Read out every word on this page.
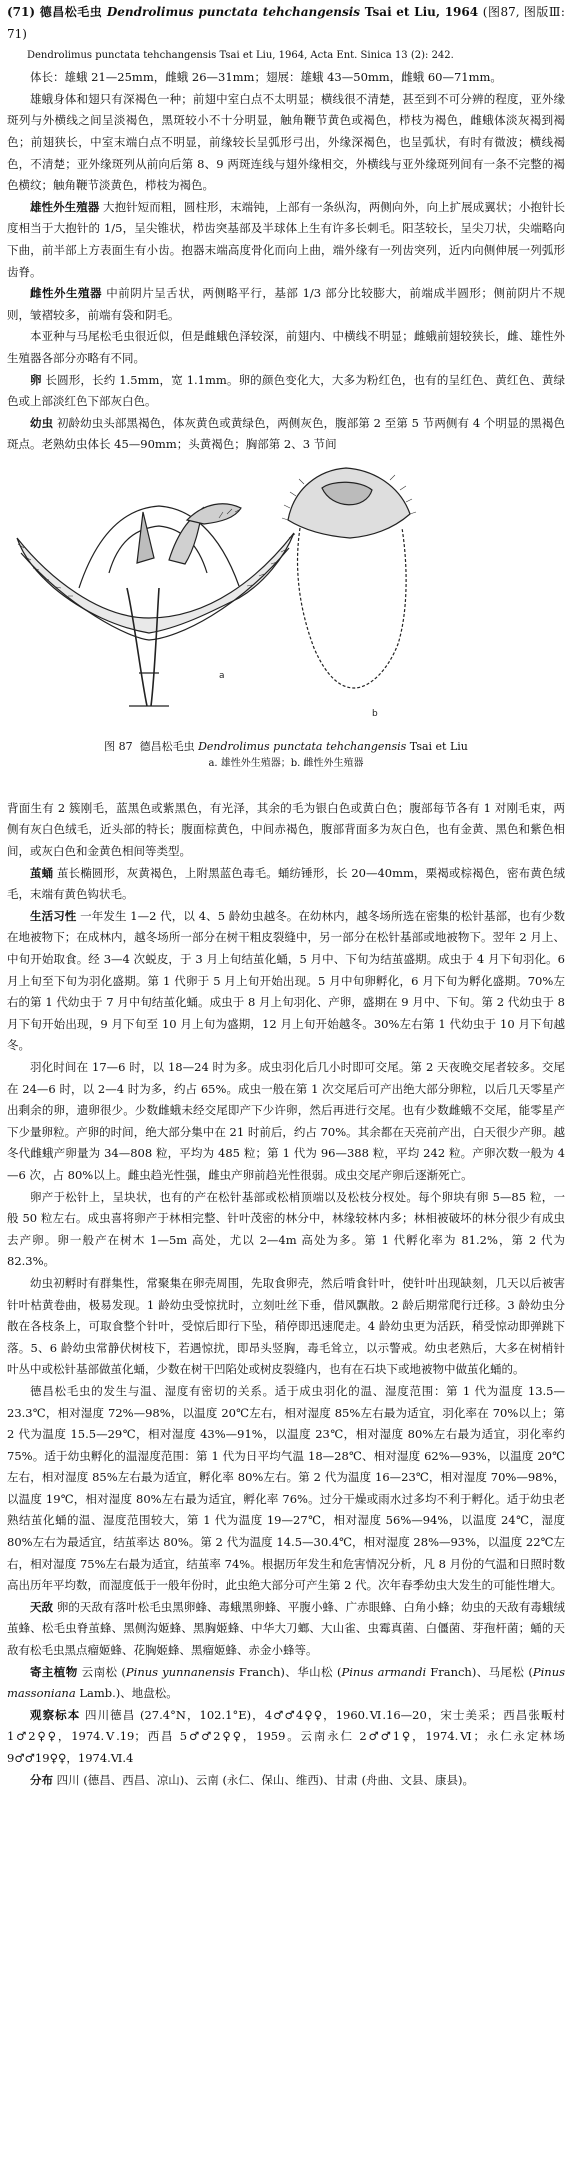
(71) 德昌松毛虫 Dendrolimus punctata tehchangensis Tsai et Liu, 1964 (图87, 图版Ⅲ: 71)
Dendrolimus punctata tehchangensis Tsai et Liu, 1964, Acta Ent. Sinica 13 (2): 242.
体长：雄蛾 21—25mm，雌蛾 26—31mm；翅展：雄蛾 43—50mm，雌蛾 60—71mm。
雄蛾身体和翅只有深褐色一种；前翅中室白点不太明显；横线很不清楚，甚至到不可分辨的程度，亚外缘斑列与外横线之间呈淡褐色，黑斑较小不十分明显，触角鞭节黄色或褐色，栉枝为褐色，雌蛾体淡灰褐到褐色；前翅狭长，中室末端白点不明显，前缘较长呈弧形弓出，外缘深褐色，也呈弧状，有时有微波；横线褐色，不清楚；亚外缘斑列从前向后第 8、9 两斑连线与翅外缘相交，外横线与亚外缘斑列间有一条不完整的褐色横纹；触角鞭节淡黄色，栉枝为褐色。
雄性外生殖器 大抱针短而粗，圆柱形，末端钝，上部有一条纵沟，两侧向外，向上扩展成翼状；小抱针长度相当于大抱针的 1/5，呈尖锥状，栉齿突基部及半球体上生有许多长刺毛。阳茎较长，呈尖刀状，尖端略向下曲，前半部上方表面生有小齿。抱器末端高度骨化而向上曲，端外缘有一列齿突列，近内向侧伸展一列弧形齿脊。
雌性外生殖器 中前阴片呈舌状，两侧略平行，基部 1/3 部分比较膨大，前端成半圆形；侧前阴片不规则，皱褶较多，前端有袋和阴毛。
本亚种与马尾松毛虫很近似，但是雌蛾色泽较深，前翅内、中横线不明显；雌蛾前翅较狭长，雌、雄性外生殖器各部分亦略有不同。
卵 长圆形，长约 1.5mm，宽 1.1mm。卵的颜色变化大，大多为粉红色，也有的呈红色、黄红色、黄绿色或上部淡红色下部灰白色。
幼虫 初龄幼虫头部黑褐色，体灰黄色或黄绿色，两侧灰色，腹部第 2 至第 5 节两侧有 4 个明显的黑褐色斑点。老熟幼虫体长 45—90mm；头黄褐色；胸部第 2、3 节间
a
b
图 87 德昌松毛虫 Dendrolimus punctata tehchangensis Tsai et Liu
a. 雄性外生殖器；b. 雌性外生殖器
背面生有 2 簇刚毛，蓝黑色或紫黑色，有光泽，其余的毛为银白色或黄白色；腹部每节各有 1 对刚毛束，两侧有灰白色绒毛，近头部的特长；腹面棕黄色，中间赤褐色，腹部背面多为灰白色，也有金黄、黑色和紫色相间，或灰白色和金黄色相间等类型。
茧蛹 茧长椭圆形，灰黄褐色，上附黑蓝色毒毛。蛹纺锤形，长 20—40mm，栗褐或棕褐色，密布黄色绒毛，末端有黄色钩状毛。
生活习性 一年发生 1—2 代，以 4、5 龄幼虫越冬。在幼林内，越冬场所选在密集的松针基部，也有少数在地被物下；在成林内，越冬场所一部分在树干粗皮裂缝中，另一部分在松针基部或地被物下。翌年 2 月上、中旬开始取食。经 3—4 次蜕皮，于 3 月上旬结茧化蛹，5 月中、下旬为结茧盛期。成虫于 4 月下旬羽化。6 月上旬至下旬为羽化盛期。第 1 代卵于 5 月上旬开始出现。5 月中旬卵孵化，6 月下旬为孵化盛期。70%左右的第 1 代幼虫于 7 月中旬结茧化蛹。成虫于 8 月上旬羽化、产卵，盛期在 9 月中、下旬。第 2 代幼虫于 8 月下旬开始出现，9 月下旬至 10 月上旬为盛期，12 月上旬开始越冬。30%左右第 1 代幼虫于 10 月下旬越冬。
羽化时间在 17—6 时，以 18—24 时为多。成虫羽化后几小时即可交尾。第 2 天夜晚交尾者较多。交尾在 24—6 时，以 2—4 时为多，约占 65%。成虫一般在第 1 次交尾后可产出绝大部分卵粒，以后几天零星产出剩余的卵，遗卵很少。少数雌蛾未经交尾即产下少许卵，然后再进行交尾。也有少数雌蛾不交尾，能零星产下少量卵粒。产卵的时间，绝大部分集中在 21 时前后，约占 70%。其余都在天亮前产出，白天很少产卵。越冬代雌蛾产卵量为 34—808 粒，平均为 485 粒；第 1 代为 96—388 粒，平均 242 粒。产卵次数一般为 4—6 次，占 80%以上。雌虫趋光性强，雌虫产卵前趋光性很弱。成虫交尾产卵后逐渐死亡。
卵产于松针上，呈块状，也有的产在松针基部或松梢顶端以及松枝分杈处。每个卵块有卵 5—85 粒，一般 50 粒左右。成虫喜将卵产于林相完整、针叶茂密的林分中，林缘较林内多；林相被破坏的林分很少有成虫去产卵。卵一般产在树木 1—5m 高处，尤以 2—4m 高处为多。第 1 代孵化率为 81.2%，第 2 代为 82.3%。
幼虫初孵时有群集性，常聚集在卵壳周围，先取食卵壳，然后啃食针叶，使针叶出现缺刻，几天以后被害针叶枯黄卷曲，极易发现。1 龄幼虫受惊扰时，立刻吐丝下垂，借风飘散。2 龄后期常爬行迁移。3 龄幼虫分散在各枝条上，可取食整个针叶，受惊后即行下坠，稍停即迅速爬走。4 龄幼虫更为活跃，稍受惊动即弹跳下落。5、6 龄幼虫常静伏树枝下，若遇惊扰，即昂头竖胸，毒毛耸立，以示警戒。幼虫老熟后，大多在树梢针叶丛中或松针基部做茧化蛹，少数在树干凹陷处或树皮裂缝内，也有在石块下或地被物中做茧化蛹的。
德昌松毛虫的发生与温、湿度有密切的关系。适于成虫羽化的温、湿度范围：第 1 代为温度 13.5—23.3℃，相对湿度 72%—98%，以温度 20℃左右，相对湿度 85%左右最为适宜，羽化率在 70%以上；第 2 代为温度 15.5—29℃，相对湿度 43%—91%，以温度 23℃，相对湿度 80%左右最为适宜，羽化率约 75%。适于幼虫孵化的温湿度范围：第 1 代为日平均气温 18—28℃、相对湿度 62%—93%，以温度 20℃左右，相对湿度 85%左右最为适宜，孵化率 80%左右。第 2 代为温度 16—23℃，相对湿度 70%—98%，以温度 19℃，相对湿度 80%左右最为适宜，孵化率 76%。过分干燥或雨水过多均不利于孵化。适于幼虫老熟结茧化蛹的温、湿度范围较大，第 1 代为温度 19—27℃，相对湿度 56%—94%，以温度 24℃，湿度 80%左右为最适宜，结茧率达 80%。第 2 代为温度 14.5—30.4℃，相对湿度 28%—93%，以温度 22℃左右，相对湿度 75%左右最为适宜，结茧率 74%。根据历年发生和危害情况分析，凡 8 月份的气温和日照时数高出历年平均数，而湿度低于一般年份时，此虫绝大部分可产生第 2 代。次年春季幼虫大发生的可能性增大。
天敌 卵的天敌有落叶松毛虫黑卵蜂、毒蛾黑卵蜂、平腹小蜂、广赤眼蜂、白角小蜂；幼虫的天敌有毒蛾绒茧蜂、松毛虫脊茧蜂、黑侧沟姬蜂、黑胸姬蜂、中华大刀螂、大山雀、虫霉真菌、白僵菌、芽孢杆菌；蛹的天敌有松毛虫黑点瘤姬蜂、花胸姬蜂、黑瘤姬蜂、赤金小蜂等。
寄主植物 云南松 (Pinus yunnanensis Franch)、华山松 (Pinus armandi Franch)、马尾松 (Pinus massoniana Lamb.)、地盘松。
观察标本 四川德昌 (27.4°N，102.1°E)，4♂♂4♀♀，1960.Ⅵ.16—20，宋士美采；西昌张畈村 1♂2♀♀，1974.Ⅴ.19；西昌 5♂♂2♀♀，1959。云南永仁 2♂♂1♀，1974.Ⅵ；永仁永定林场 9♂♂19♀♀，1974.Ⅵ.4
分布 四川 (德昌、西昌、凉山)、云南 (永仁、保山、维西)、甘肃 (舟曲、文县、康县)。
